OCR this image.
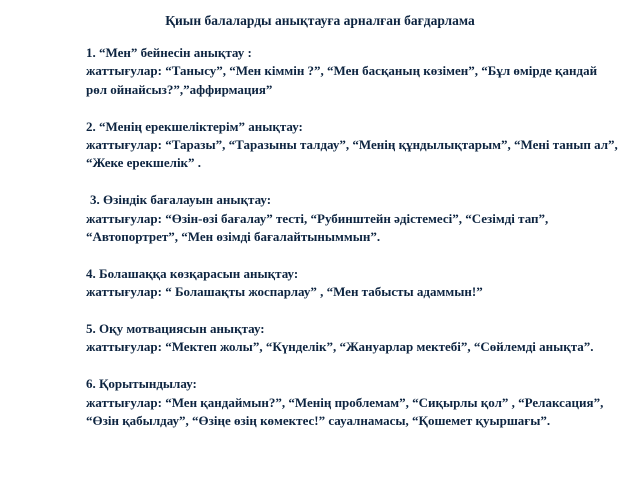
Қиын балаларды анықтауға арналған бағдарлама
1. “Мен” бейнесін анықтау :
жаттығулар: “Танысу”, “Мен кіммін ?”, “Мен басқаның көзімен”, “Бұл өмірде қандай рөл ойнайсыз?”,”аффирмация”
2. “Менің ерекшеліктерім” анықтау:
жаттығулар: “Таразы”, “Таразыны талдау”, “Менің құндылықтарым”, “Мені танып ал”, “Жеке ерекшелік” .
3. Өзіндік бағалауын анықтау:
жаттығулар: “Өзін-өзі бағалау” тесті, “Рубинштейн әдістемесі”, “Сезімді тап”, “Автопортрет”, “Мен өзімді бағалайтыныммын”.
4. Болашаққа көзқарасын анықтау:
жаттығулар: “ Болашақты жоспарлау” , “Мен табысты адаммын!”
5. Оқу мотвациясын анықтау:
жаттығулар: “Мектеп жолы”, “Күнделік”, “Жануарлар мектебі”, “Сөйлемді анықта”.
6. Қорытындылау:
жаттығулар: “Мен қандаймын?”, “Менің проблемам”, “Сиқырлы қол” , “Релаксация”, “Өзін қабылдау”, “Өзіңе өзің көмектес!” сауалнамасы, “Қошемет қуыршағы”.
